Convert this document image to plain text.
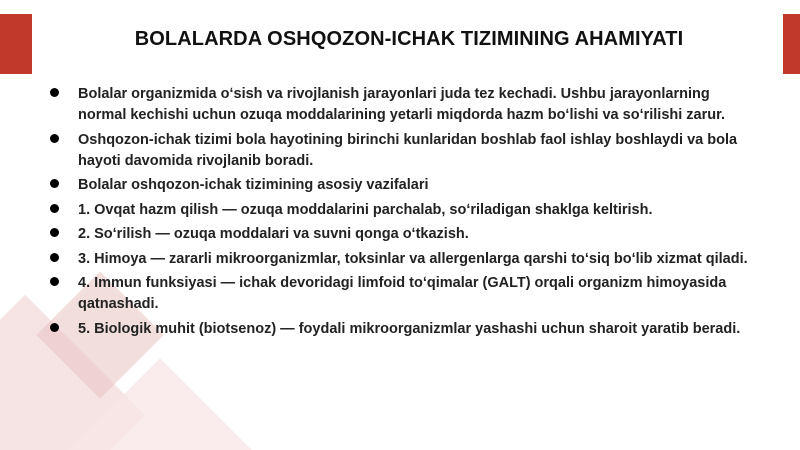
BOLALARDA OSHQOZON-ICHAK TIZIMINING AHAMIYATI
Bolalar organizmida oʻsish va rivojlanish jarayonlari juda tez kechadi. Ushbu jarayonlarning normal kechishi uchun ozuqa moddalarining yetarli miqdorda hazm boʻlishi va soʻrilishi zarur.
Oshqozon-ichak tizimi bola hayotining birinchi kunlaridan boshlab faol ishlay boshlaydi va bola hayoti davomida rivojlanib boradi.
Bolalar oshqozon-ichak tizimining asosiy vazifalari
1. Ovqat hazm qilish — ozuqa moddalarini parchalab, soʻriladigan shaklga keltirish.
2. Soʻrilish — ozuqa moddalari va suvni qonga oʻtkazish.
3. Himoya — zararli mikroorganizmlar, toksinlar va allergenlarga qarshi toʻsiq boʻlib xizmat qiladi.
4. Immun funksiyasi — ichak devoridagi limfoid toʻqimalar (GALT) orqali organizm himoyasida qatnashadi.
5. Biologik muhit (biotsenoz) — foydali mikroorganizmlar yashashi uchun sharoit yaratib beradi.
